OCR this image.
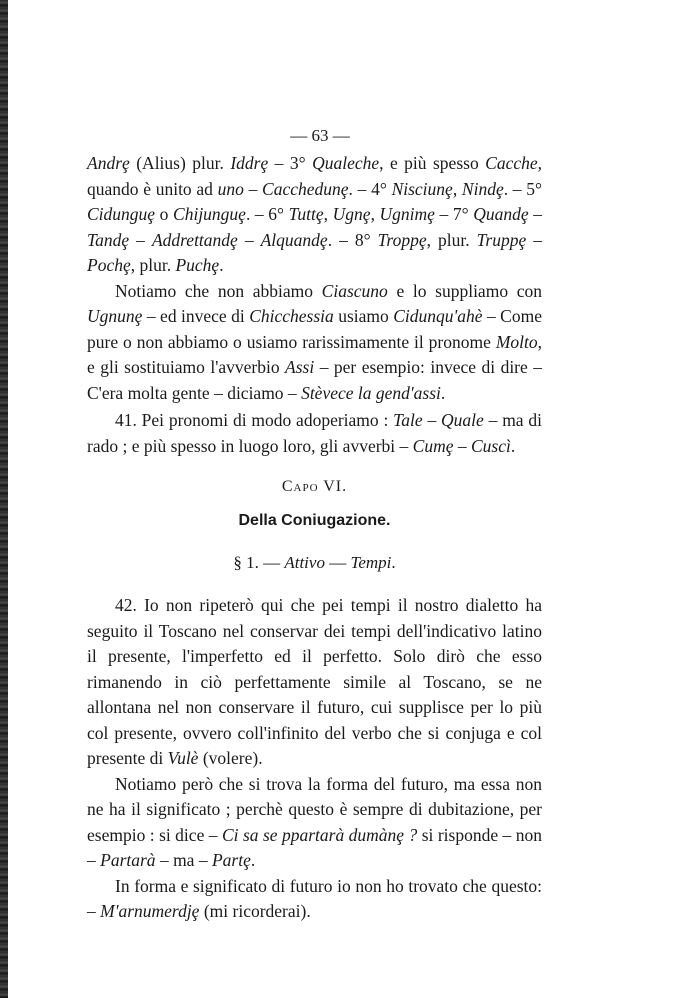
— 63 —

Andrȩ (Alius) plur. Iddrȩ – 3° Qualeche, e più spesso Cacche, quando è unito ad uno – Cacchedunȩ. – 4° Nisciunȩ, Nindȩ. – 5° Cidunguȩ o Chijunguȩ. – 6° Tuttȩ, Ugnȩ, Ugnimȩ – 7° Quandȩ – Tandȩ – Addrettandȩ – Alquandȩ. – 8° Troppȩ, plur. Truppȩ – Pochȩ, plur. Puchȩ.

Notiamo che non abbiamo Ciascuno e lo suppliamo con Ugnunȩ – ed invece di Chicchessia usiamo Cidunqu'ahè – Come pure o non abbiamo o usiamo rarissimamente il pronome Molto, e gli sostituiamo l'avverbio Assi – per esempio: invece di dire – C'era molta gente – diciamo – Stèvece la gend'assi.

41. Pei pronomi di modo adoperiamo : Tale – Quale – ma di rado ; e più spesso in luogo loro, gli avverbi – Cumȩ – Cuscì.

Capo VI.
Della Coniugazione.
§ 1. — Attivo — Tempi.

42. Io non ripeterò qui che pei tempi il nostro dialetto ha seguito il Toscano nel conservar dei tempi dell'indicativo latino il presente, l'imperfetto ed il perfetto. Solo dirò che esso rimanendo in ciò perfettamente simile al Toscano, se ne allontana nel non conservare il futuro, cui supplisce per lo più col presente, ovvero coll'infinito del verbo che si conjuga e col presente di Vulè (volere).

Notiamo però che si trova la forma del futuro, ma essa non ne ha il significato ; perchè questo è sempre di dubitazione, per esempio : si dice – Ci sa se ppartarà dumànȩ ? si risponde – non – Partarà – ma – Partȩ.

In forma e significato di futuro io non ho trovato che questo: – M'arnumerdjȩ (mi ricorderai).
